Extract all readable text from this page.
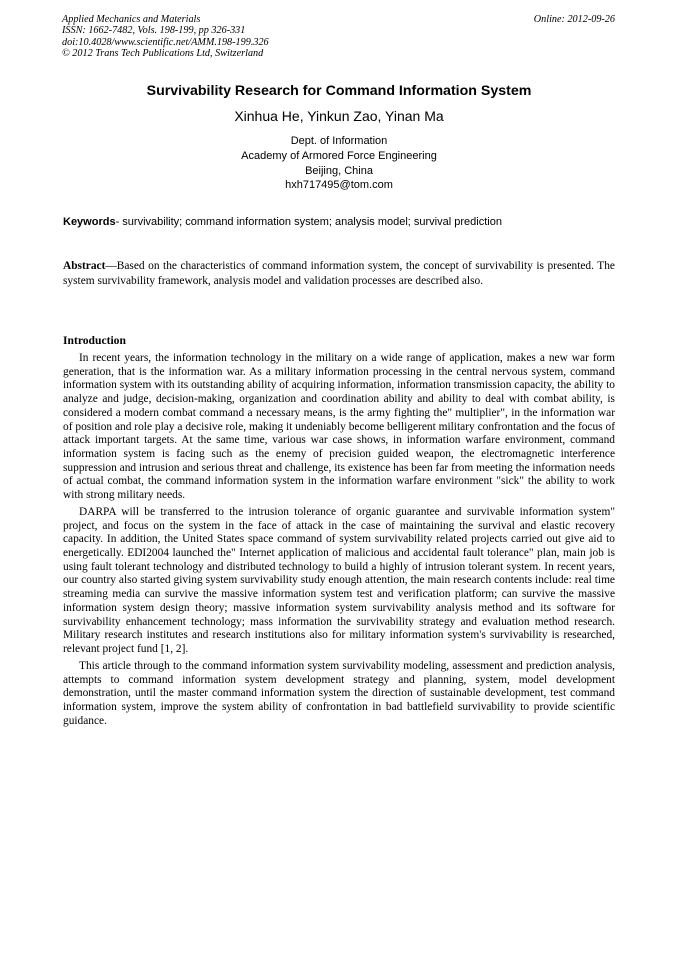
Applied Mechanics and Materials
ISSN: 1662-7482, Vols. 198-199, pp 326-331
doi:10.4028/www.scientific.net/AMM.198-199.326
© 2012 Trans Tech Publications Ltd, Switzerland
Online: 2012-09-26
Survivability Research for Command Information System
Xinhua He, Yinkun Zao, Yinan Ma
Dept. of Information
Academy of Armored Force Engineering
Beijing, China
hxh717495@tom.com
Keywords- survivability; command information system; analysis model; survival prediction
Abstract—Based on the characteristics of command information system, the concept of survivability is presented. The system survivability framework, analysis model and validation processes are described also.
Introduction

In recent years, the information technology in the military on a wide range of application, makes a new war form generation, that is the information war. As a military information processing in the central nervous system, command information system with its outstanding ability of acquiring information, information transmission capacity, the ability to analyze and judge, decision-making, organization and coordination ability and ability to deal with combat ability, is considered a modern combat command a necessary means, is the army fighting the" multiplier", in the information war of position and role play a decisive role, making it undeniably become belligerent military confrontation and the focus of attack important targets. At the same time, various war case shows, in information warfare environment, command information system is facing such as the enemy of precision guided weapon, the electromagnetic interference suppression and intrusion and serious threat and challenge, its existence has been far from meeting the information needs of actual combat, the command information system in the information warfare environment "sick" the ability to work with strong military needs.

DARPA will be transferred to the intrusion tolerance of organic guarantee and survivable information system" project, and focus on the system in the face of attack in the case of maintaining the survival and elastic recovery capacity. In addition, the United States space command of system survivability related projects carried out give aid to energetically. EDI2004 launched the" Internet application of malicious and accidental fault tolerance" plan, main job is using fault tolerant technology and distributed technology to build a highly of intrusion tolerant system. In recent years, our country also started giving system survivability study enough attention, the main research contents include: real time streaming media can survive the massive information system test and verification platform; can survive the massive information system design theory; massive information system survivability analysis method and its software for survivability enhancement technology; mass information the survivability strategy and evaluation method research. Military research institutes and research institutions also for military information system's survivability is researched, relevant project fund [1, 2].

This article through to the command information system survivability modeling, assessment and prediction analysis, attempts to command information system development strategy and planning, system, model development demonstration, until the master command information system the direction of sustainable development, test command information system, improve the system ability of confrontation in bad battlefield survivability to provide scientific guidance.
